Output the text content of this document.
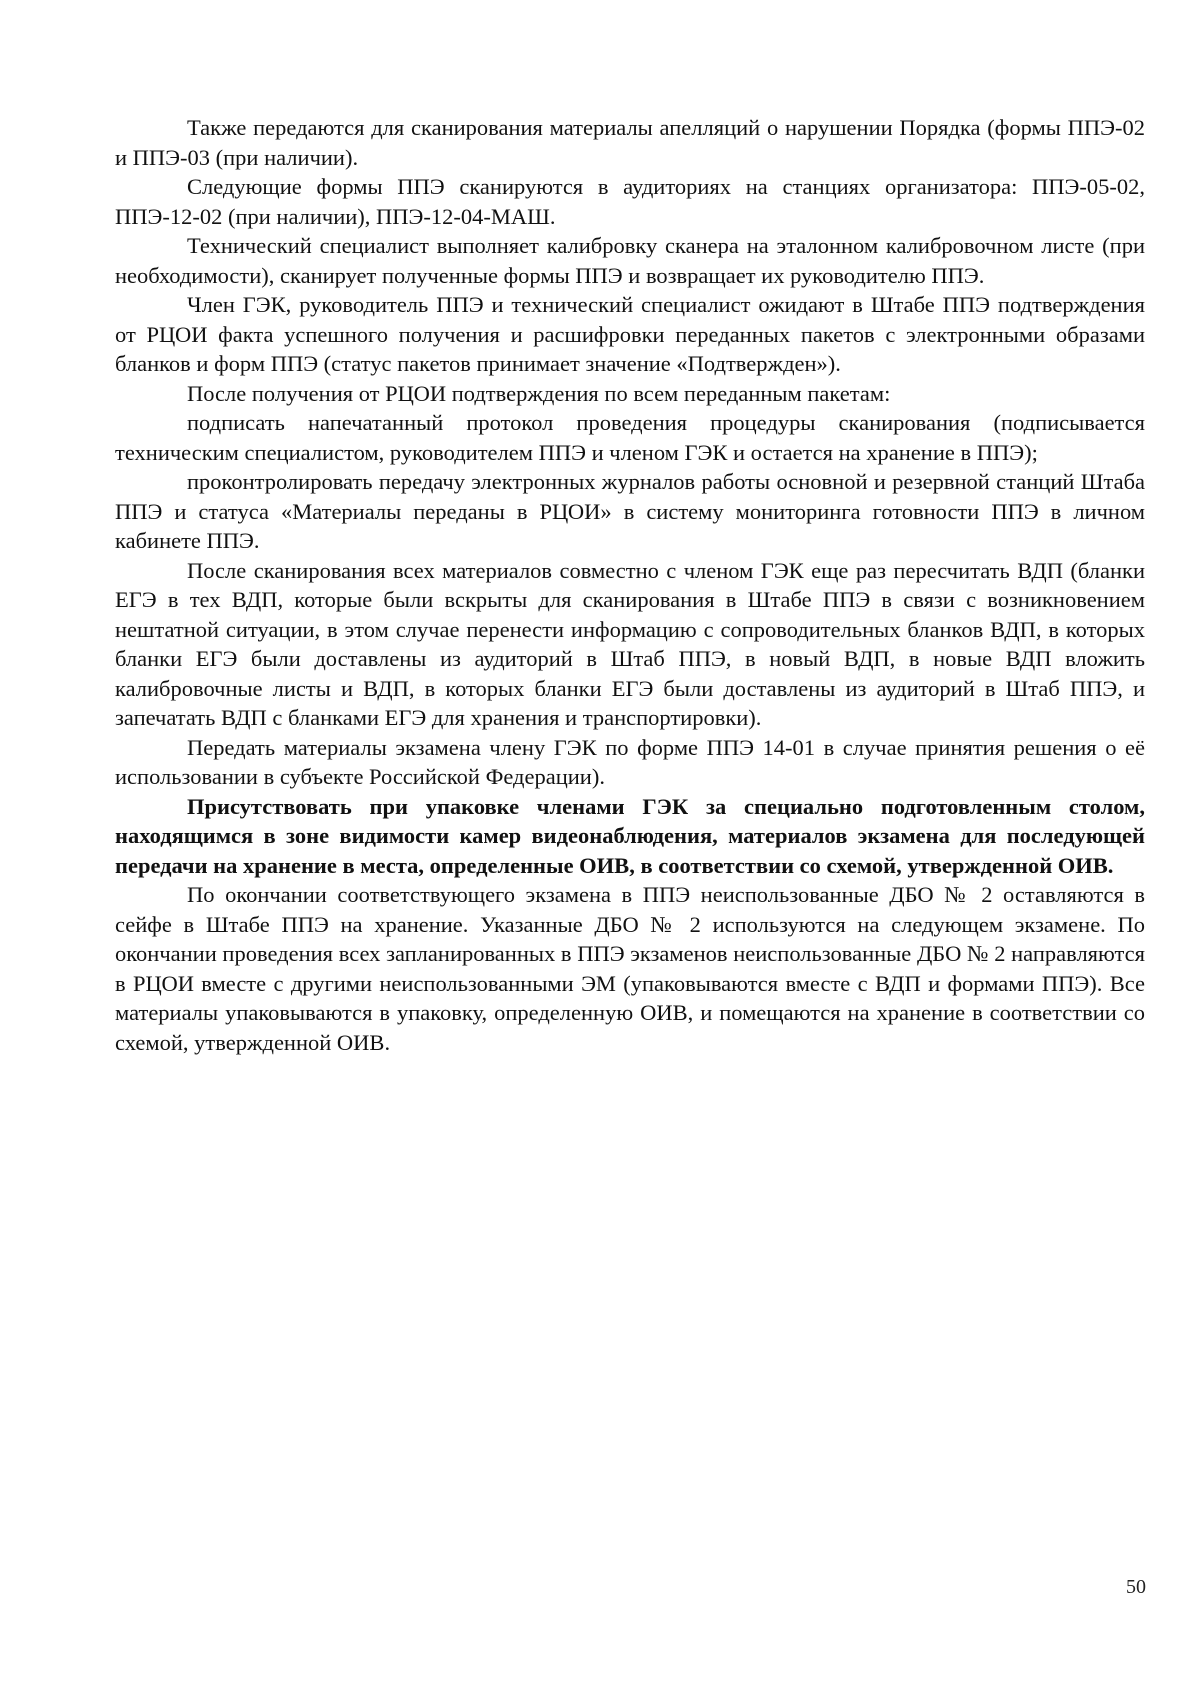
Также передаются для сканирования материалы апелляций о нарушении Порядка (формы ППЭ-02 и ППЭ-03 (при наличии).

Следующие формы ППЭ сканируются в аудиториях на станциях организатора: ППЭ-05-02, ППЭ-12-02 (при наличии), ППЭ-12-04-МАШ.

Технический специалист выполняет калибровку сканера на эталонном калибровочном листе (при необходимости), сканирует полученные формы ППЭ и возвращает их руководителю ППЭ.

Член ГЭК, руководитель ППЭ и технический специалист ожидают в Штабе ППЭ подтверждения от РЦОИ факта успешного получения и расшифровки переданных пакетов с электронными образами бланков и форм ППЭ (статус пакетов принимает значение «Подтвержден»).

После получения от РЦОИ подтверждения по всем переданным пакетам:

подписать напечатанный протокол проведения процедуры сканирования (подписывается техническим специалистом, руководителем ППЭ и членом ГЭК и остается на хранение в ППЭ);

проконтролировать передачу электронных журналов работы основной и резервной станций Штаба ППЭ и статуса «Материалы переданы в РЦОИ» в систему мониторинга готовности ППЭ в личном кабинете ППЭ.

После сканирования всех материалов совместно с членом ГЭК еще раз пересчитать ВДП (бланки ЕГЭ в тех ВДП, которые были вскрыты для сканирования в Штабе ППЭ в связи с возникновением нештатной ситуации, в этом случае перенести информацию с сопроводительных бланков ВДП, в которых бланки ЕГЭ были доставлены из аудиторий в Штаб ППЭ, в новый ВДП, в новые ВДП вложить калибровочные листы и ВДП, в которых бланки ЕГЭ были доставлены из аудиторий в Штаб ППЭ, и запечатать ВДП с бланками ЕГЭ для хранения и транспортировки).

Передать материалы экзамена члену ГЭК по форме ППЭ 14-01 в случае принятия решения о её использовании в субъекте Российской Федерации).

Присутствовать при упаковке членами ГЭК за специально подготовленным столом, находящимся в зоне видимости камер видеонаблюдения, материалов экзамена для последующей передачи на хранение в места, определенные ОИВ, в соответствии со схемой, утвержденной ОИВ.

По окончании соответствующего экзамена в ППЭ неиспользованные ДБО № 2 оставляются в сейфе в Штабе ППЭ на хранение. Указанные ДБО № 2 используются на следующем экзамене. По окончании проведения всех запланированных в ППЭ экзаменов неиспользованные ДБО № 2 направляются в РЦОИ вместе с другими неиспользованными ЭМ (упаковываются вместе с ВДП и формами ППЭ). Все материалы упаковываются в упаковку, определенную ОИВ, и помещаются на хранение в соответствии со схемой, утвержденной ОИВ.

50
